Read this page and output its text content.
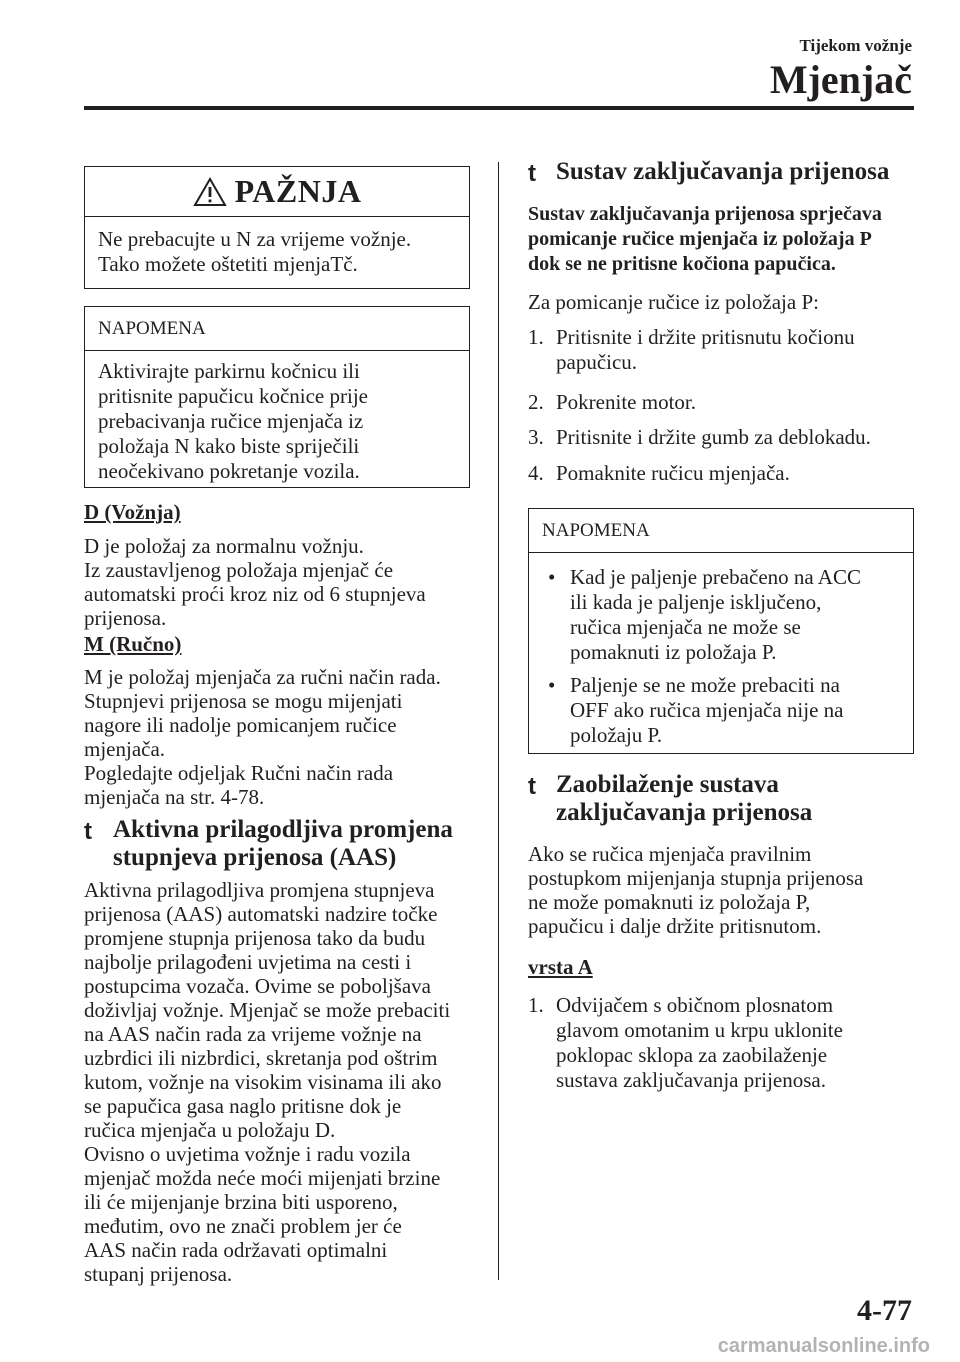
Tijekom vožnje
Mjenjač
PAŽNJA
Ne prebacujte u N za vrijeme vožnje.
Tako možete oštetiti mjenjaTč.
NAPOMENA
Aktivirajte parkirnu kočnicu ili
pritisnite papučicu kočnice prije
prebacivanja ručice mjenjača iz
položaja N kako biste spriječili
neočekivano pokretanje vozila.
D (Vožnja)
D je položaj za normalnu vožnju.
Iz zaustavljenog položaja mjenjač će
automatski proći kroz niz od 6 stupnjeva
prijenosa.
M (Ručno)
M je položaj mjenjača za ručni način rada.
Stupnjevi prijenosa se mogu mijenjati
nagore ili nadolje pomicanjem ručice
mjenjača.
Pogledajte odjeljak Ručni način rada
mjenjača na str. 4-78.
t Aktivna prilagodljiva promjena
stupnjeva prijenosa (AAS)
Aktivna prilagodljiva promjena stupnjeva
prijenosa (AAS) automatski nadzire točke
promjene stupnja prijenosa tako da budu
najbolje prilagođeni uvjetima na cesti i
postupcima vozača. Ovime se poboljšava
doživljaj vožnje. Mjenjač se može prebaciti
na AAS način rada za vrijeme vožnje na
uzbrdici ili nizbrdici, skretanja pod oštrim
kutom, vožnje na visokim visinama ili ako
se papučica gasa naglo pritisne dok je
ručica mjenjača u položaju D.
Ovisno o uvjetima vožnje i radu vozila
mjenjač možda neće moći mijenjati brzine
ili će mijenjanje brzina biti usporeno,
međutim, ovo ne znači problem jer će
AAS način rada održavati optimalni
stupanj prijenosa.
t Sustav zaključavanja prijenosa
Sustav zaključavanja prijenosa sprječava
pomicanje ručice mjenjača iz položaja P
dok se ne pritisne kočiona papučica.
Za pomicanje ručice iz položaja P:
1. Pritisnite i držite pritisnutu kočionu
papučicu.
2. Pokrenite motor.
3. Pritisnite i držite gumb za deblokadu.
4. Pomaknite ručicu mjenjača.
NAPOMENA
• Kad je paljenje prebačeno na ACC
ili kada je paljenje isključeno,
ručica mjenjača ne može se
pomaknuti iz položaja P.
• Paljenje se ne može prebaciti na
OFF ako ručica mjenjača nije na
položaju P.
t Zaobilaženje sustava
zaključavanja prijenosa
Ako se ručica mjenjača pravilnim
postupkom mijenjanja stupnja prijenosa
ne može pomaknuti iz položaja P,
papučicu i dalje držite pritisnutom.
vrsta A
1. Odvijačem s običnom plosnatom
glavom omotanim u krpu uklonite
poklopac sklopa za zaobilaženje
sustava zaključavanja prijenosa.
4-77
carmanualsonline.info
